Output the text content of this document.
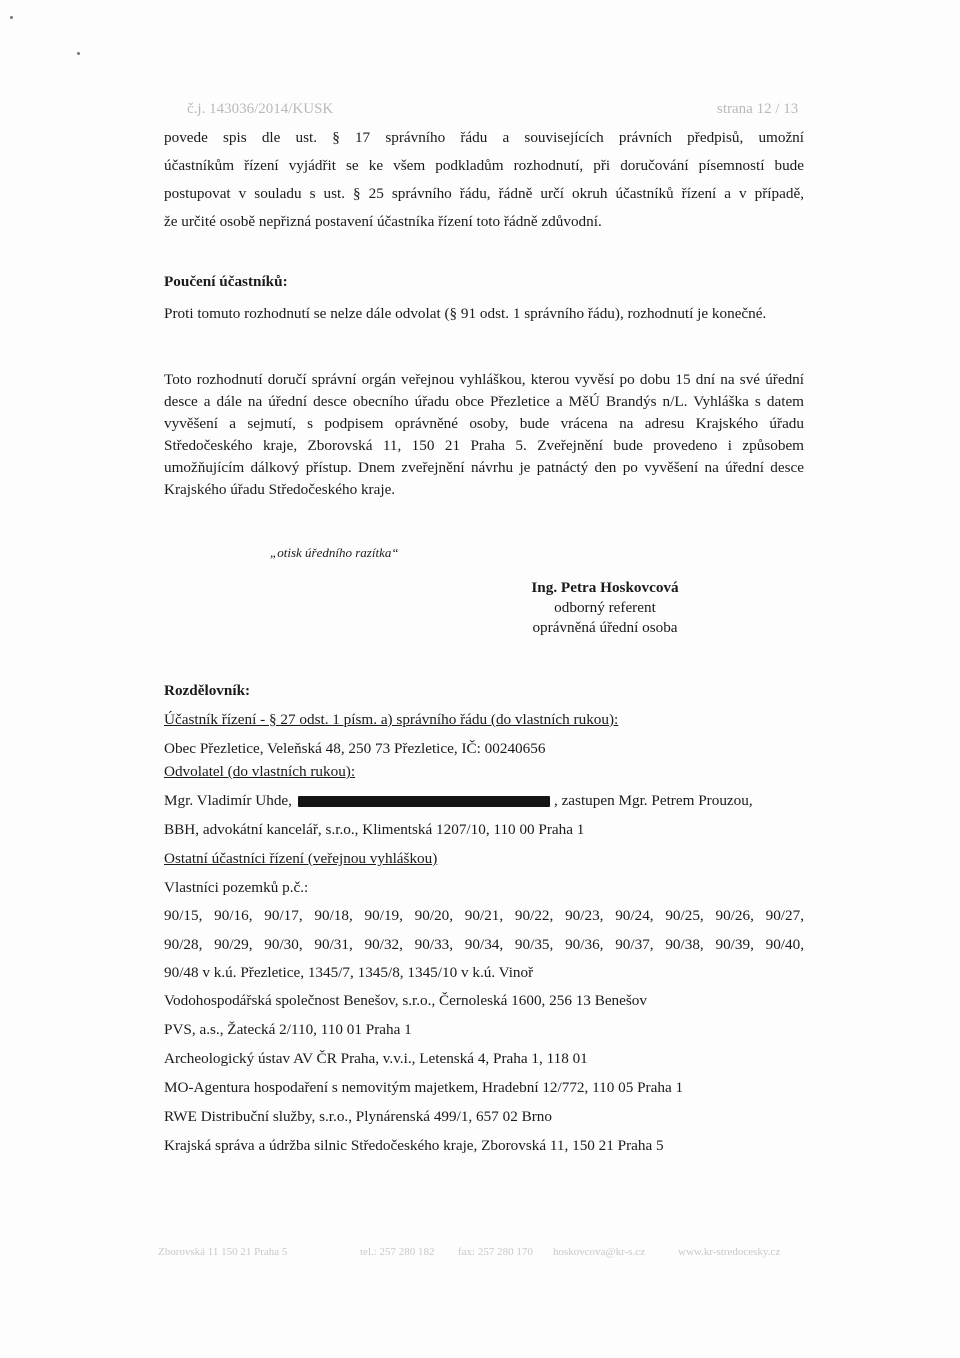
č.j. 143036/2014/KUSK	strana 12 / 13

povede spis dle ust. § 17 správního řádu a souvisejících právních předpisů, umožní

účastníkům řízení vyjádřit se ke všem podkladům rozhodnutí, při doručování písemností bude

postupovat v souladu s ust. § 25 správního řádu, řádně určí okruh účastníků řízení a v případě,

že určité osobě nepřizná postavení účastníka řízení toto řádně zdůvodní.

Poučení účastníků:
Proti tomuto rozhodnutí se nelze dále odvolat (§ 91 odst. 1 správního řádu), rozhodnutí je konečné.
Toto rozhodnutí doručí správní orgán veřejnou vyhláškou, kterou vyvěsí po dobu 15 dní na své úřední desce a dále na úřední desce obecního úřadu obce Přezletice a MěÚ Brandýs n/L. Vyhláška s datem vyvěšení a sejmutí, s podpisem oprávněné osoby, bude vrácena na adresu Krajského úřadu Středočeského kraje, Zborovská 11, 150 21 Praha 5. Zveřejnění bude provedeno i způsobem umožňujícím dálkový přístup. Dnem zveřejnění návrhu je patnáctý den po vyvěšení na úřední desce Krajského úřadu Středočeského kraje.
„otisk úředního razítka“
Ing. Petra Hoskovcová
odborný referent
oprávněná úřední osoba
Rozdělovník:
Účastník řízení - § 27 odst. 1 písm. a) správního řádu (do vlastních rukou):
Obec Přezletice, Veleňská 48, 250 73 Přezletice, IČ: 00240656
Odvolatel (do vlastních rukou):
Mgr. Vladimír Uhde,	, zastupen Mgr. Petrem Prouzou,
BBH, advokátní kancelář, s.r.o., Klimentská 1207/10, 110 00 Praha 1
Ostatní účastníci řízení (veřejnou vyhláškou)
Vlastníci pozemků p.č.:
90/15, 90/16, 90/17, 90/18, 90/19, 90/20, 90/21, 90/22, 90/23, 90/24, 90/25, 90/26, 90/27,
90/28, 90/29, 90/30, 90/31, 90/32, 90/33, 90/34, 90/35, 90/36, 90/37, 90/38, 90/39, 90/40,
90/48 v k.ú. Přezletice, 1345/7, 1345/8, 1345/10 v k.ú. Vinoř
Vodohospodářská společnost Benešov, s.r.o., Černoleská 1600, 256 13 Benešov
PVS, a.s., Žatecká 2/110, 110 01 Praha 1
Archeologický ústav AV ČR Praha, v.v.i., Letenská 4, Praha 1, 118 01
MO-Agentura hospodaření s nemovitým majetkem, Hradební 12/772, 110 05 Praha 1
RWE Distribuční služby, s.r.o., Plynárenská 499/1, 657 02 Brno
Krajská správa a údržba silnic Středočeského kraje, Zborovská 11, 150 21 Praha 5
Zborovská 11 150 21 Praha 5	tel.: 257 280 182 fax: 257 280 170 hoskovcova@kr-s.cz	www.kr-stredocesky.cz
